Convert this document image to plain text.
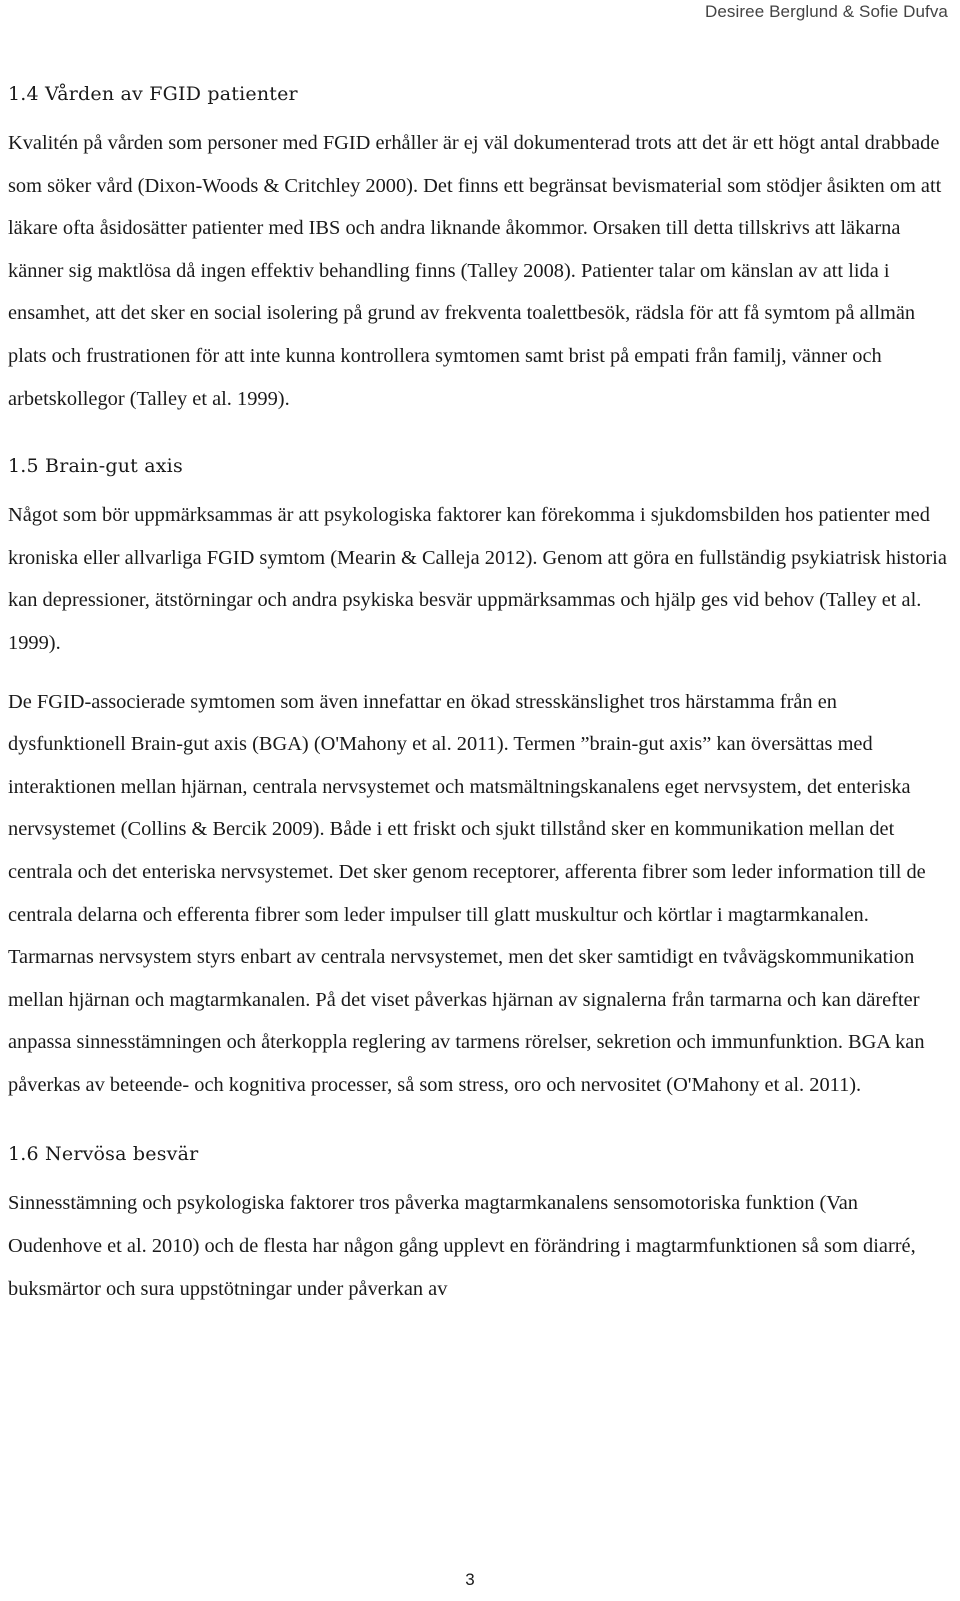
Desiree Berglund & Sofie Dufva
1.4 Vården av FGID patienter

Kvalitén på vården som personer med FGID erhåller är ej väl dokumenterad trots att det är ett högt antal drabbade som söker vård (Dixon-Woods & Critchley 2000). Det finns ett begränsat bevismaterial som stödjer åsikten om att läkare ofta åsidosätter patienter med IBS och andra liknande åkommor. Orsaken till detta tillskrivs att läkarna känner sig maktlösa då ingen effektiv behandling finns (Talley 2008). Patienter talar om känslan av att lida i ensamhet, att det sker en social isolering på grund av frekventa toalettbesök, rädsla för att få symtom på allmän plats och frustrationen för att inte kunna kontrollera symtomen samt brist på empati från familj, vänner och arbetskollegor (Talley et al. 1999).

1.5 Brain-gut axis

Något som bör uppmärksammas är att psykologiska faktorer kan förekomma i sjukdomsbilden hos patienter med kroniska eller allvarliga FGID symtom (Mearin & Calleja 2012). Genom att göra en fullständig psykiatrisk historia kan depressioner, ätstörningar och andra psykiska besvär uppmärksammas och hjälp ges vid behov (Talley et al. 1999).

De FGID-associerade symtomen som även innefattar en ökad stresskänslighet tros härstamma från en dysfunktionell Brain-gut axis (BGA) (O'Mahony et al. 2011). Termen ”brain-gut axis” kan översättas med interaktionen mellan hjärnan, centrala nervsystemet och matsmältningskanalens eget nervsystem, det enteriska nervsystemet (Collins & Bercik 2009). Både i ett friskt och sjukt tillstånd sker en kommunikation mellan det centrala och det enteriska nervsystemet. Det sker genom receptorer, afferenta fibrer som leder information till de centrala delarna och efferenta fibrer som leder impulser till glatt muskultur och körtlar i magtarmkanalen. Tarmarnas nervsystem styrs enbart av centrala nervsystemet, men det sker samtidigt en tvåvägskommunikation mellan hjärnan och magtarmkanalen. På det viset påverkas hjärnan av signalerna från tarmarna och kan därefter anpassa sinnesstämningen och återkoppla reglering av tarmens rörelser, sekretion och immunfunktion. BGA kan påverkas av beteende- och kognitiva processer, så som stress, oro och nervositet (O'Mahony et al. 2011).

1.6 Nervösa besvär

Sinnesstämning och psykologiska faktorer tros påverka magtarmkanalens sensomotoriska funktion (Van Oudenhove et al. 2010) och de flesta har någon gång upplevt en förändring i magtarmfunktionen så som diarré, buksmärtor och sura uppstötningar under påverkan av

3
